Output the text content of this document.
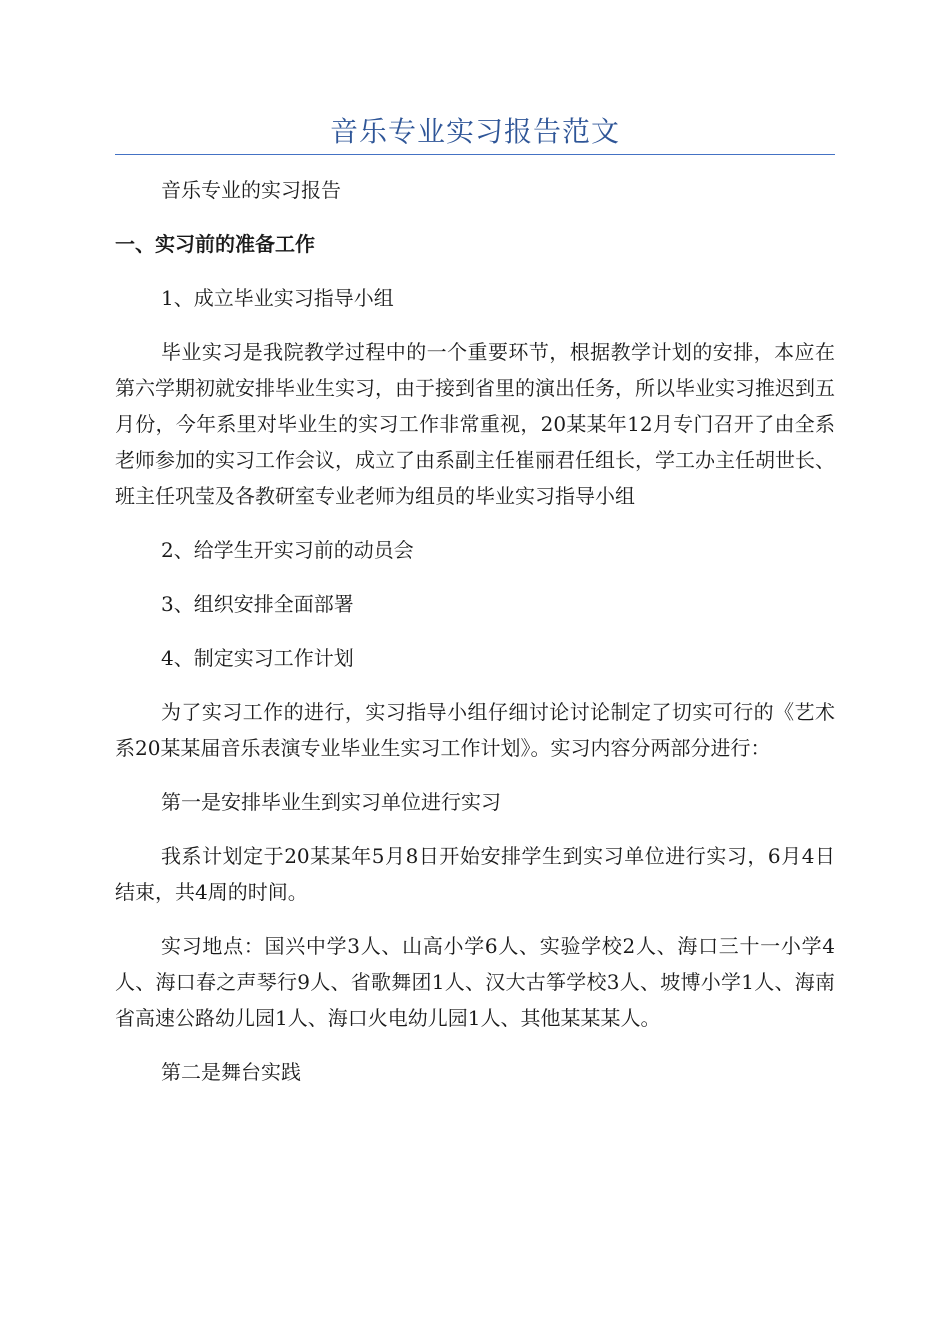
音乐专业实习报告范文

音乐专业的实习报告

一、实习前的准备工作

1、成立毕业实习指导小组

毕业实习是我院教学过程中的一个重要环节，根据教学计划的安排，本应在第六学期初就安排毕业生实习，由于接到省里的演出任务，所以毕业实习推迟到五月份，今年系里对毕业生的实习工作非常重视，20某某年12月专门召开了由全系老师参加的实习工作会议，成立了由系副主任崔丽君任组长，学工办主任胡世长、班主任巩莹及各教研室专业老师为组员的毕业实习指导小组

2、给学生开实习前的动员会

3、组织安排全面部署

4、制定实习工作计划

为了实习工作的进行，实习指导小组仔细讨论讨论制定了切实可行的《艺术系20某某届音乐表演专业毕业生实习工作计划》。实习内容分两部分进行：

第一是安排毕业生到实习单位进行实习

我系计划定于20某某年5月8日开始安排学生到实习单位进行实习，6月4日结束，共4周的时间。

实习地点：国兴中学3人、山高小学6人、实验学校2人、海口三十一小学4人、海口春之声琴行9人、省歌舞团1人、汉大古筝学校3人、坡博小学1人、海南省高速公路幼儿园1人、海口火电幼儿园1人、其他某某某人。

第二是舞台实践
